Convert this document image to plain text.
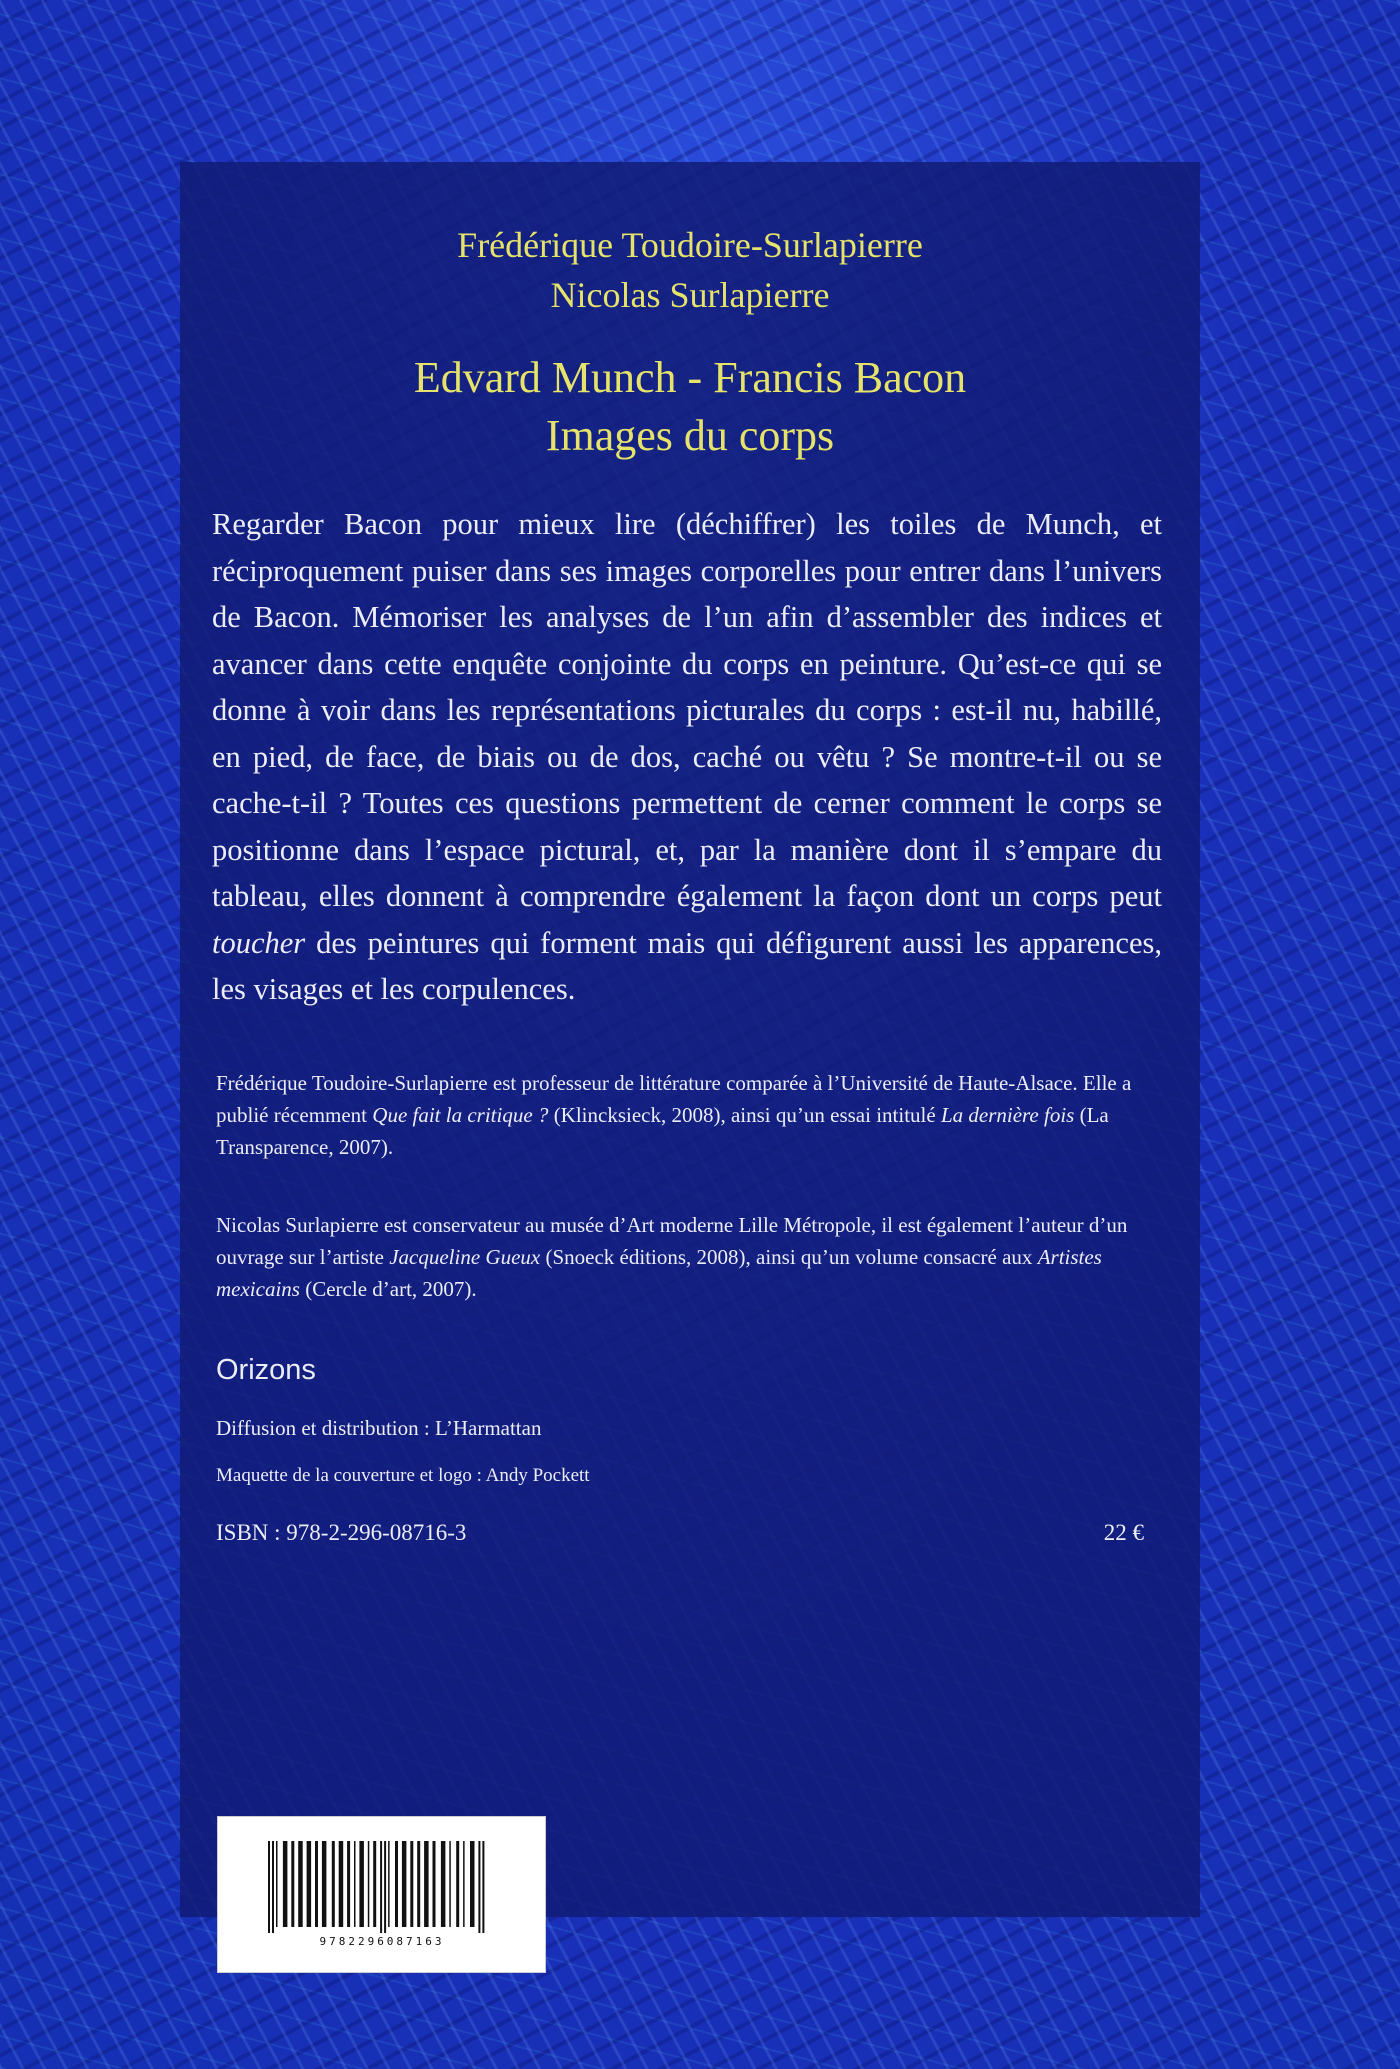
Frédérique Toudoire-Surlapierre
Nicolas Surlapierre
Edvard Munch - Francis Bacon
Images du corps

Regarder Bacon pour mieux lire (déchiffrer) les toiles de Munch, et réciproquement puiser dans ses images corporelles pour entrer dans l’univers de Bacon. Mémoriser les analyses de l’un afin d’assembler des indices et avancer dans cette enquête conjointe du corps en peinture. Qu’est-ce qui se donne à voir dans les représentations picturales du corps : est-il nu, habillé, en pied, de face, de biais ou de dos, caché ou vêtu ? Se montre-t-il ou se cache-t-il ? Toutes ces questions permettent de cerner comment le corps se positionne dans l’espace pictural, et, par la manière dont il s’empare du tableau, elles donnent à comprendre également la façon dont un corps peut toucher des peintures qui forment mais qui défigurent aussi les apparences, les visages et les corpulences.

Frédérique Toudoire-Surlapierre est professeur de littérature comparée à l’Université de Haute-Alsace. Elle a publié récemment Que fait la critique ? (Klincksieck, 2008), ainsi qu’un essai intitulé La dernière fois (La Transparence, 2007).

Nicolas Surlapierre est conservateur au musée d’Art moderne Lille Métropole, il est également l’auteur d’un ouvrage sur l’artiste Jacqueline Gueux (Snoeck éditions, 2008), ainsi qu’un volume consacré aux Artistes mexicains (Cercle d’art, 2007).

Orizons
Diffusion et distribution : L’Harmattan
Maquette de la couverture et logo : Andy Pockett
ISBN : 978-2-296-08716-3	22 €
9782296087163
